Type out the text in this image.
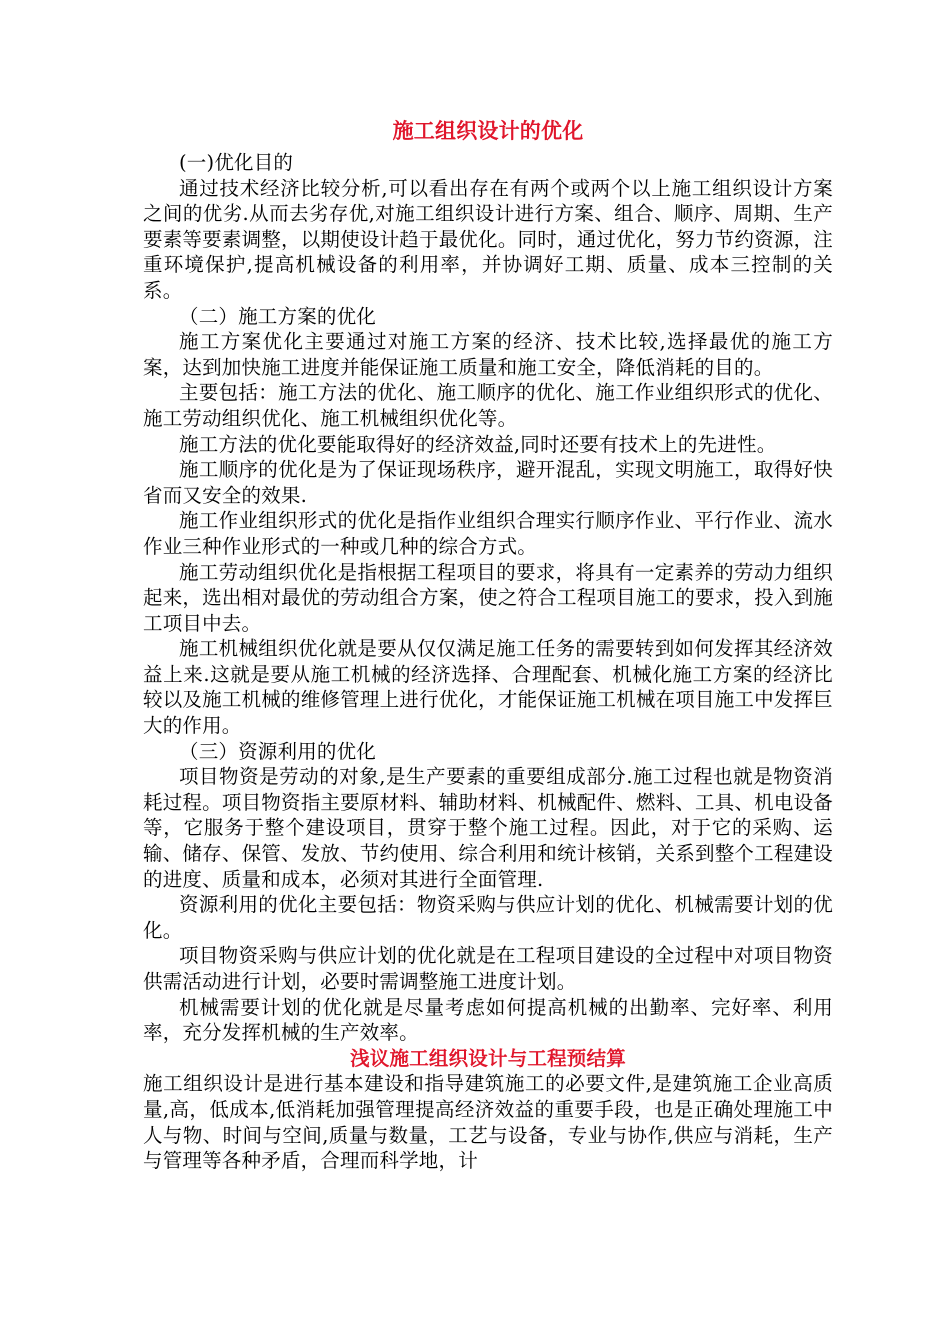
施工组织设计的优化

(一)优化目的

通过技术经济比较分析,可以看出存在有两个或两个以上施工组织设计方案之间的优劣.从而去劣存优,对施工组织设计进行方案、组合、顺序、周期、生产要素等要素调整，以期使设计趋于最优化。同时，通过优化，努力节约资源，注重环境保护,提高机械设备的利用率，并协调好工期、质量、成本三控制的关系。

（二）施工方案的优化

施工方案优化主要通过对施工方案的经济、技术比较,选择最优的施工方案，达到加快施工进度并能保证施工质量和施工安全，降低消耗的目的。

主要包括：施工方法的优化、施工顺序的优化、施工作业组织形式的优化、施工劳动组织优化、施工机械组织优化等。

施工方法的优化要能取得好的经济效益,同时还要有技术上的先进性。

施工顺序的优化是为了保证现场秩序，避开混乱，实现文明施工，取得好快省而又安全的效果.

施工作业组织形式的优化是指作业组织合理实行顺序作业、平行作业、流水作业三种作业形式的一种或几种的综合方式。

施工劳动组织优化是指根据工程项目的要求，将具有一定素养的劳动力组织起来，选出相对最优的劳动组合方案，使之符合工程项目施工的要求，投入到施工项目中去。

施工机械组织优化就是要从仅仅满足施工任务的需要转到如何发挥其经济效益上来.这就是要从施工机械的经济选择、合理配套、机械化施工方案的经济比较以及施工机械的维修管理上进行优化，才能保证施工机械在项目施工中发挥巨大的作用。

（三）资源利用的优化

项目物资是劳动的对象,是生产要素的重要组成部分.施工过程也就是物资消耗过程。项目物资指主要原材料、辅助材料、机械配件、燃料、工具、机电设备等，它服务于整个建设项目，贯穿于整个施工过程。因此，对于它的采购、运输、储存、保管、发放、节约使用、综合利用和统计核销，关系到整个工程建设的进度、质量和成本，必须对其进行全面管理.

资源利用的优化主要包括：物资采购与供应计划的优化、机械需要计划的优化。

项目物资采购与供应计划的优化就是在工程项目建设的全过程中对项目物资供需活动进行计划，必要时需调整施工进度计划。

机械需要计划的优化就是尽量考虑如何提高机械的出勤率、完好率、利用率，充分发挥机械的生产效率。

浅议施工组织设计与工程预结算

施工组织设计是进行基本建设和指导建筑施工的必要文件,是建筑施工企业高质量,高，低成本,低消耗加强管理提高经济效益的重要手段，也是正确处理施工中人与物、时间与空间,质量与数量，工艺与设备，专业与协作,供应与消耗，生产与管理等各种矛盾，合理而科学地，计
